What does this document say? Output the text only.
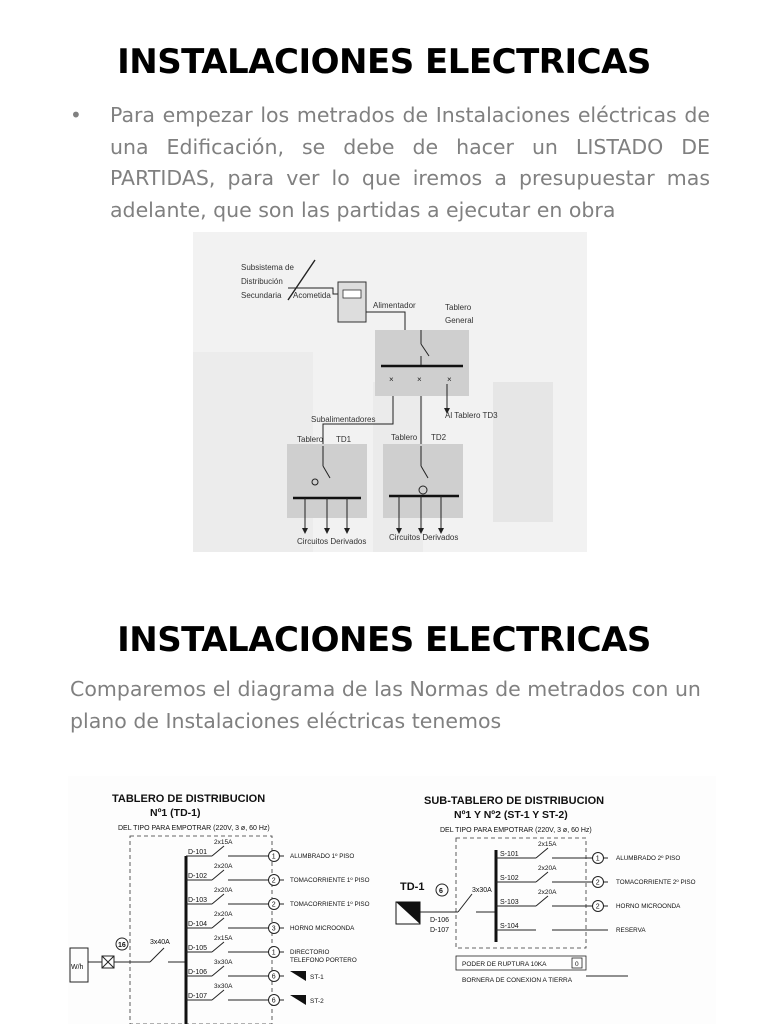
INSTALACIONES ELECTRICAS
•	Para empezar los metrados de Instalaciones eléctricas de una Edificación, se debe de hacer un LISTADO DE PARTIDAS, para ver lo que iremos a presupuestar mas adelante, que son las partidas a ejecutar en obra

Subsistema de
Distribución
Secundaria Acometida
Alimentador	Tablero
General
×	×	×
Al Tablero TD3
Subalimentadores
Tablero TD1	Tablero TD2
Circuitos Derivados	Circuitos Derivados
INSTALACIONES ELECTRICAS

Comparemos el diagrama de las Normas de metrados con un plano de Instalaciones eléctricas tenemos

TABLERO DE DISTRIBUCION
Nº1 (TD-1)
DEL TIPO PARA EMPOTRAR (220V, 3 ø, 60 Hz)
W/h
16	3x40A
D-101
2x15A
1 ALUMBRADO 1º PISO
D-102
2x20A
2 TOMACORRIENTE 1º PISO
D-103
2x20A
2 TOMACORRIENTE 1º PISO
D-104
2x20A
3 HORNO MICROONDA
D-105
2x15A
1 DIRECTORIO
TELEFONO PORTERO
D-106
3x30A
6	ST-1
D-107
3x30A
6	ST-2
SUB-TABLERO DE DISTRIBUCION
Nº1 Y Nº2 (ST-1 Y ST-2)
DEL TIPO PARA EMPOTRAR (220V, 3 ø, 60 Hz)
TD-1 6
D-106
D-107
3x30A
S-101
2x15A
1	ALUMBRADO 2º PISO
S-102
2x20A
2	TOMACORRIENTE 2º PISO
S-103
2x20A
2	HORNO MICROONDA
S-104
RESERVA
PODER DE RUPTURA 10KA	0
BORNERA DE CONEXION A TIERRA
